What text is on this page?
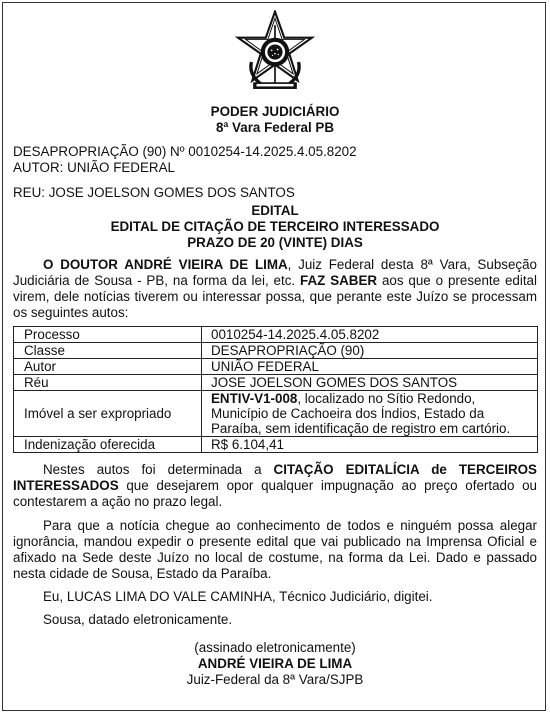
PODER JUDICIÁRIO
8ª Vara Federal PB
DESAPROPRIAÇÃO (90) Nº 0010254-14.2025.4.05.8202
AUTOR: UNIÃO FEDERAL
REU: JOSE JOELSON GOMES DOS SANTOS
EDITAL
EDITAL DE CITAÇÃO DE TERCEIRO INTERESSADO
PRAZO DE 20 (VINTE) DIAS

O DOUTOR ANDRÉ VIEIRA DE LIMA, Juiz Federal desta 8ª Vara, Subseção Judiciária de Sousa - PB, na forma da lei, etc. FAZ SABER aos que o presente edital virem, dele notícias tiverem ou interessar possa, que perante este Juízo se processam os seguintes autos:

Processo	0010254-14.2025.4.05.8202
Classe	DESAPROPRIAÇÃO (90)
Autor	UNIÃO FEDERAL
Réu	JOSE JOELSON GOMES DOS SANTOS
Imóvel a ser expropriado	ENTIV-V1-008, localizado no Sítio Redondo, Município de Cachoeira dos Índios, Estado da Paraíba, sem identificação de registro em cartório.
Indenização oferecida	R$ 6.104,41

Nestes autos foi determinada a CITAÇÃO EDITALÍCIA de TERCEIROS INTERESSADOS que desejarem opor qualquer impugnação ao preço ofertado ou contestarem a ação no prazo legal.

Para que a notícia chegue ao conhecimento de todos e ninguém possa alegar ignorância, mandou expedir o presente edital que vai publicado na Imprensa Oficial e afixado na Sede deste Juízo no local de costume, na forma da Lei. Dado e passado nesta cidade de Sousa, Estado da Paraíba.

Eu, LUCAS LIMA DO VALE CAMINHA, Técnico Judiciário, digitei.

Sousa, datado eletronicamente.

(assinado eletronicamente)
ANDRÉ VIEIRA DE LIMA
Juiz-Federal da 8ª Vara/SJPB
